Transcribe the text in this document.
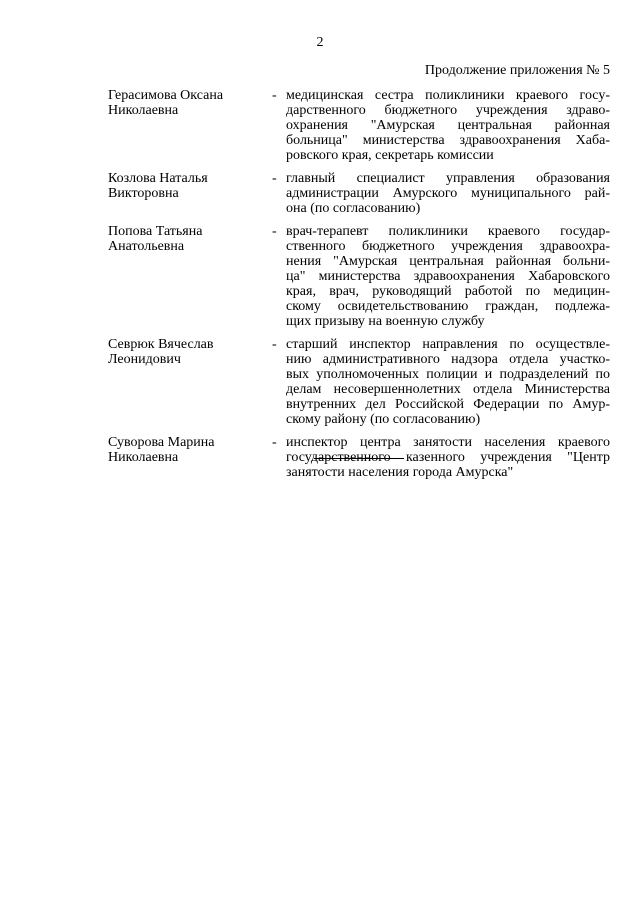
2
Продолжение приложения № 5
Герасимова Оксана
Николаевна
- медицинская сестра поликлиники краевого госу-
дарственного бюджетного учреждения здраво-
охранения "Амурская центральная районная
больница" министерства здравоохранения Хаба-
ровского края, секретарь комиссии
Козлова Наталья
Викторовна
- главный специалист управления образования
администрации Амурского муниципального рай-
она (по согласованию)
Попова Татьяна
Анатольевна
- врач-терапевт поликлиники краевого государ-
ственного бюджетного учреждения здравоохра-
нения "Амурская центральная районная больни-
ца" министерства здравоохранения Хабаровского
края, врач, руководящий работой по медицин-
скому освидетельствованию граждан, подлежа-
щих призыву на военную службу
Севрюк Вячеслав
Леонидович
- старший инспектор направления по осуществле-
нию административного надзора отдела участко-
вых уполномоченных полиции и подразделений по
делам несовершеннолетних отдела Министерства
внутренних дел Российской Федерации по Амур-
скому району (по согласованию)
Суворова Марина
Николаевна
- инспектор центра занятости населения краевого
государственного казенного учреждения "Центр
занятости населения города Амурска"
